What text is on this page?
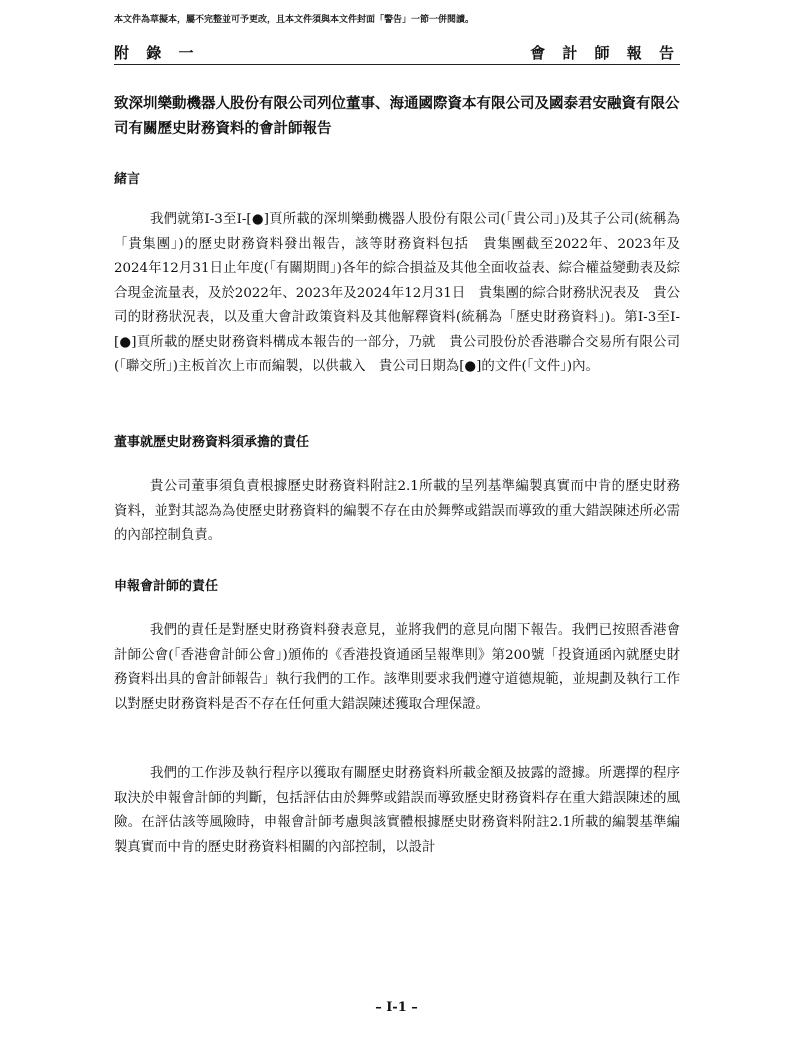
本文件為草擬本，屬不完整並可予更改，且本文件須與本文件封面「警告」一節一併閱讀。
附 錄 一	會 計 師 報 告
致深圳樂動機器人股份有限公司列位董事、海通國際資本有限公司及國泰君安融資有限公司有關歷史財務資料的會計師報告
緒言
我們就第I-3至I-[●]頁所載的深圳樂動機器人股份有限公司(「貴公司」)及其子公司(統稱為「貴集團」)的歷史財務資料發出報告，該等財務資料包括　貴集團截至2022年、2023年及2024年12月31日止年度(「有關期間」)各年的綜合損益及其他全面收益表、綜合權益變動表及綜合現金流量表，及於2022年、2023年及2024年12月31日　貴集團的綜合財務狀況表及　貴公司的財務狀況表，以及重大會計政策資料及其他解釋資料(統稱為「歷史財務資料」)。第I-3至I-[●]頁所載的歷史財務資料構成本報告的一部分，乃就　貴公司股份於香港聯合交易所有限公司(「聯交所」)主板首次上市而編製，以供載入　貴公司日期為[●]的文件(「文件」)內。
董事就歷史財務資料須承擔的責任
貴公司董事須負責根據歷史財務資料附註2.1所載的呈列基準編製真實而中肯的歷史財務資料，並對其認為為使歷史財務資料的編製不存在由於舞弊或錯誤而導致的重大錯誤陳述所必需的內部控制負責。
申報會計師的責任
我們的責任是對歷史財務資料發表意見，並將我們的意見向閣下報告。我們已按照香港會計師公會(「香港會計師公會」)頒佈的《香港投資通函呈報準則》第200號「投資通函內就歷史財務資料出具的會計師報告」執行我們的工作。該準則要求我們遵守道德規範，並規劃及執行工作以對歷史財務資料是否不存在任何重大錯誤陳述獲取合理保證。
我們的工作涉及執行程序以獲取有關歷史財務資料所載金額及披露的證據。所選擇的程序取決於申報會計師的判斷，包括評估由於舞弊或錯誤而導致歷史財務資料存在重大錯誤陳述的風險。在評估該等風險時，申報會計師考慮與該實體根據歷史財務資料附註2.1所載的編製基準編製真實而中肯的歷史財務資料相關的內部控制，以設計
– I-1 –
